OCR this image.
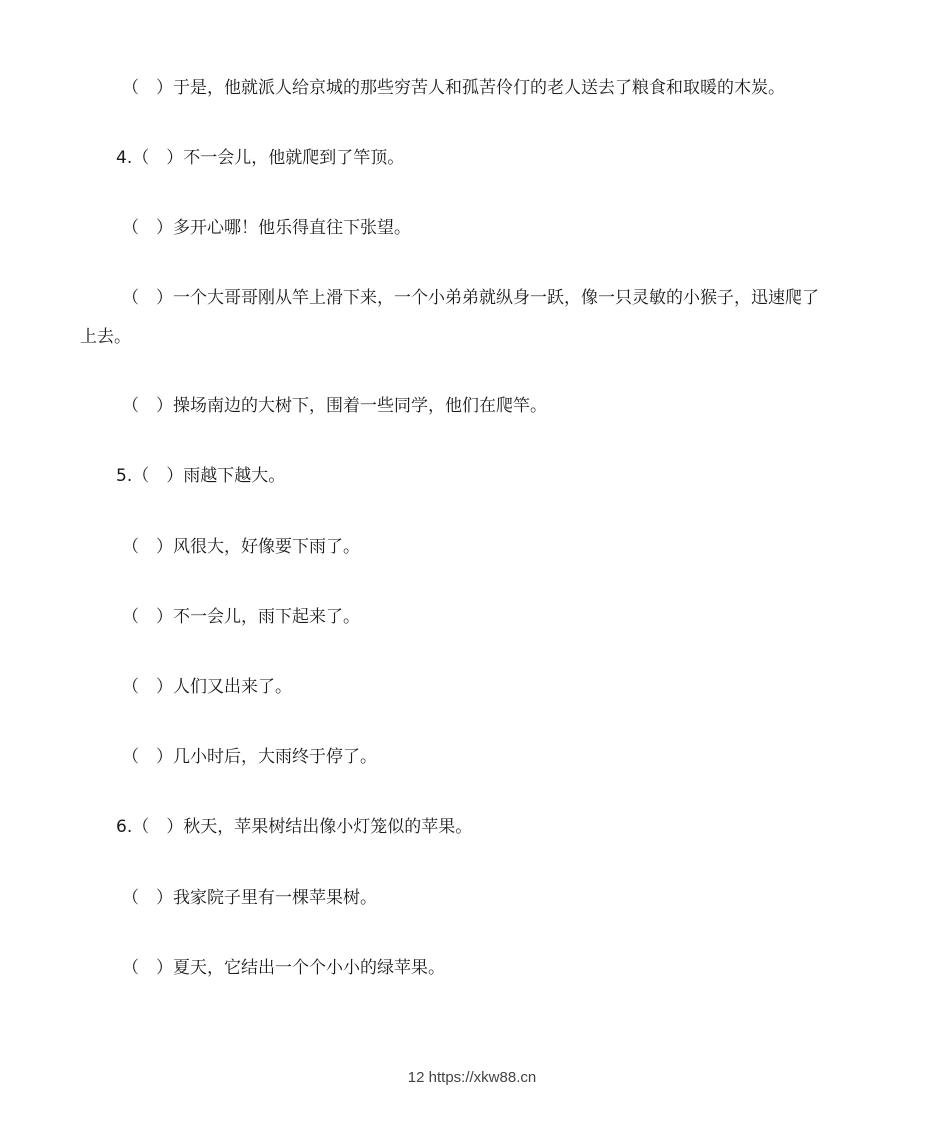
（　）于是，他就派人给京城的那些穷苦人和孤苦伶仃的老人送去了粮食和取暖的木炭。
4.（　）不一会儿，他就爬到了竿顶。
（　）多开心哪！他乐得直往下张望。
（　）一个大哥哥刚从竿上滑下来，一个小弟弟就纵身一跃，像一只灵敏的小猴子，迅速爬了
上去。
（　）操场南边的大树下，围着一些同学，他们在爬竿。
5.（　）雨越下越大。
（　）风很大，好像要下雨了。
（　）不一会儿，雨下起来了。
（　）人们又出来了。
（　）几小时后，大雨终于停了。
6.（　）秋天，苹果树结出像小灯笼似的苹果。
（　）我家院子里有一棵苹果树。
（　）夏天，它结出一个个小小的绿苹果。
12 https://xkw88.cn
